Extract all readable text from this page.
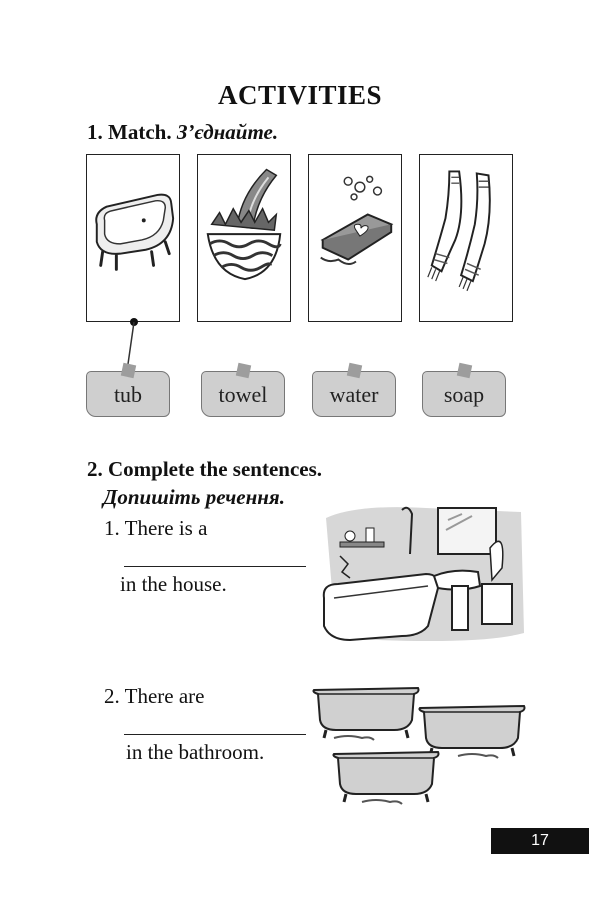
ACTIVITIES
1. Match. З’єднайте.
tub	towel	water	soap
2. Complete the sentences.
Допишіть речення.
1. There is a
in the house.
2. There are
in the bathroom.
17
